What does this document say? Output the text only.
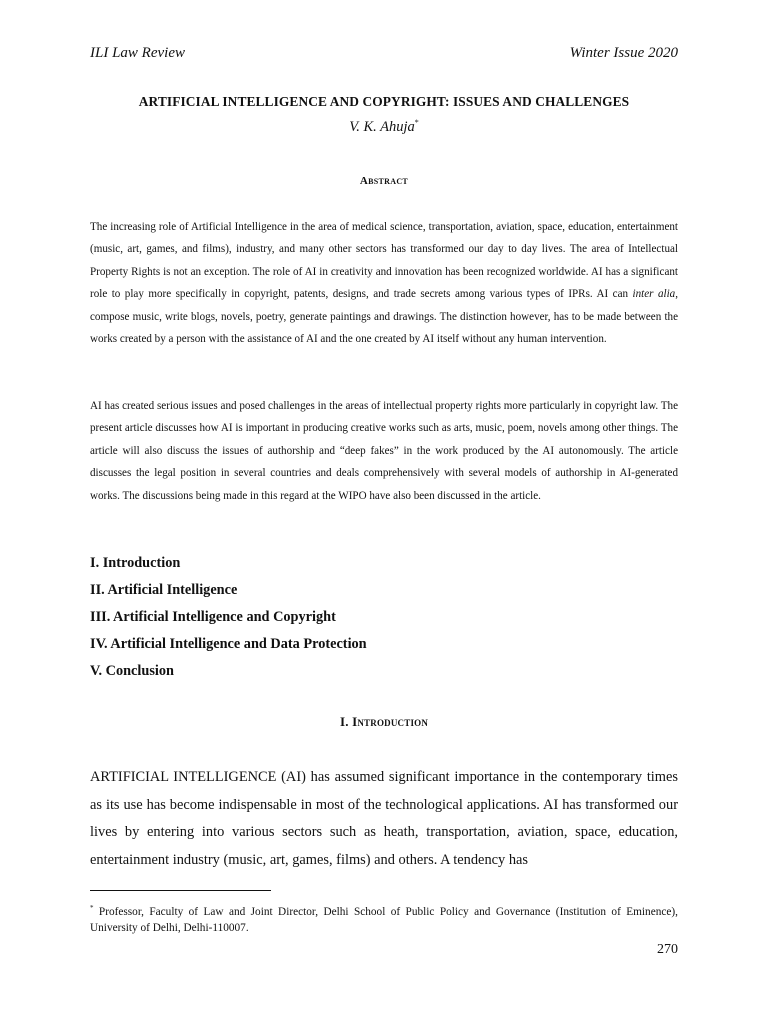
ILI Law Review	Winter Issue 2020
ARTIFICIAL INTELLIGENCE AND COPYRIGHT: ISSUES AND CHALLENGES
V. K. Ahuja*
Abstract

The increasing role of Artificial Intelligence in the area of medical science, transportation, aviation, space, education, entertainment (music, art, games, and films), industry, and many other sectors has transformed our day to day lives. The area of Intellectual Property Rights is not an exception. The role of AI in creativity and innovation has been recognized worldwide. AI has a significant role to play more specifically in copyright, patents, designs, and trade secrets among various types of IPRs. AI can inter alia, compose music, write blogs, novels, poetry, generate paintings and drawings. The distinction however, has to be made between the works created by a person with the assistance of AI and the one created by AI itself without any human intervention.

AI has created serious issues and posed challenges in the areas of intellectual property rights more particularly in copyright law. The present article discusses how AI is important in producing creative works such as arts, music, poem, novels among other things. The article will also discuss the issues of authorship and “deep fakes” in the work produced by the AI autonomously. The article discusses the legal position in several countries and deals comprehensively with several models of authorship in AI-generated works. The discussions being made in this regard at the WIPO have also been discussed in the article.

I. Introduction
II. Artificial Intelligence
III. Artificial Intelligence and Copyright
IV. Artificial Intelligence and Data Protection
V. Conclusion
I. Introduction

ARTIFICIAL INTELLIGENCE (AI) has assumed significant importance in the contemporary times as its use has become indispensable in most of the technological applications. AI has transformed our lives by entering into various sectors such as heath, transportation, aviation, space, education, entertainment industry (music, art, games, films) and others. A tendency has

* Professor, Faculty of Law and Joint Director, Delhi School of Public Policy and Governance (Institution of Eminence), University of Delhi, Delhi-110007.

270
